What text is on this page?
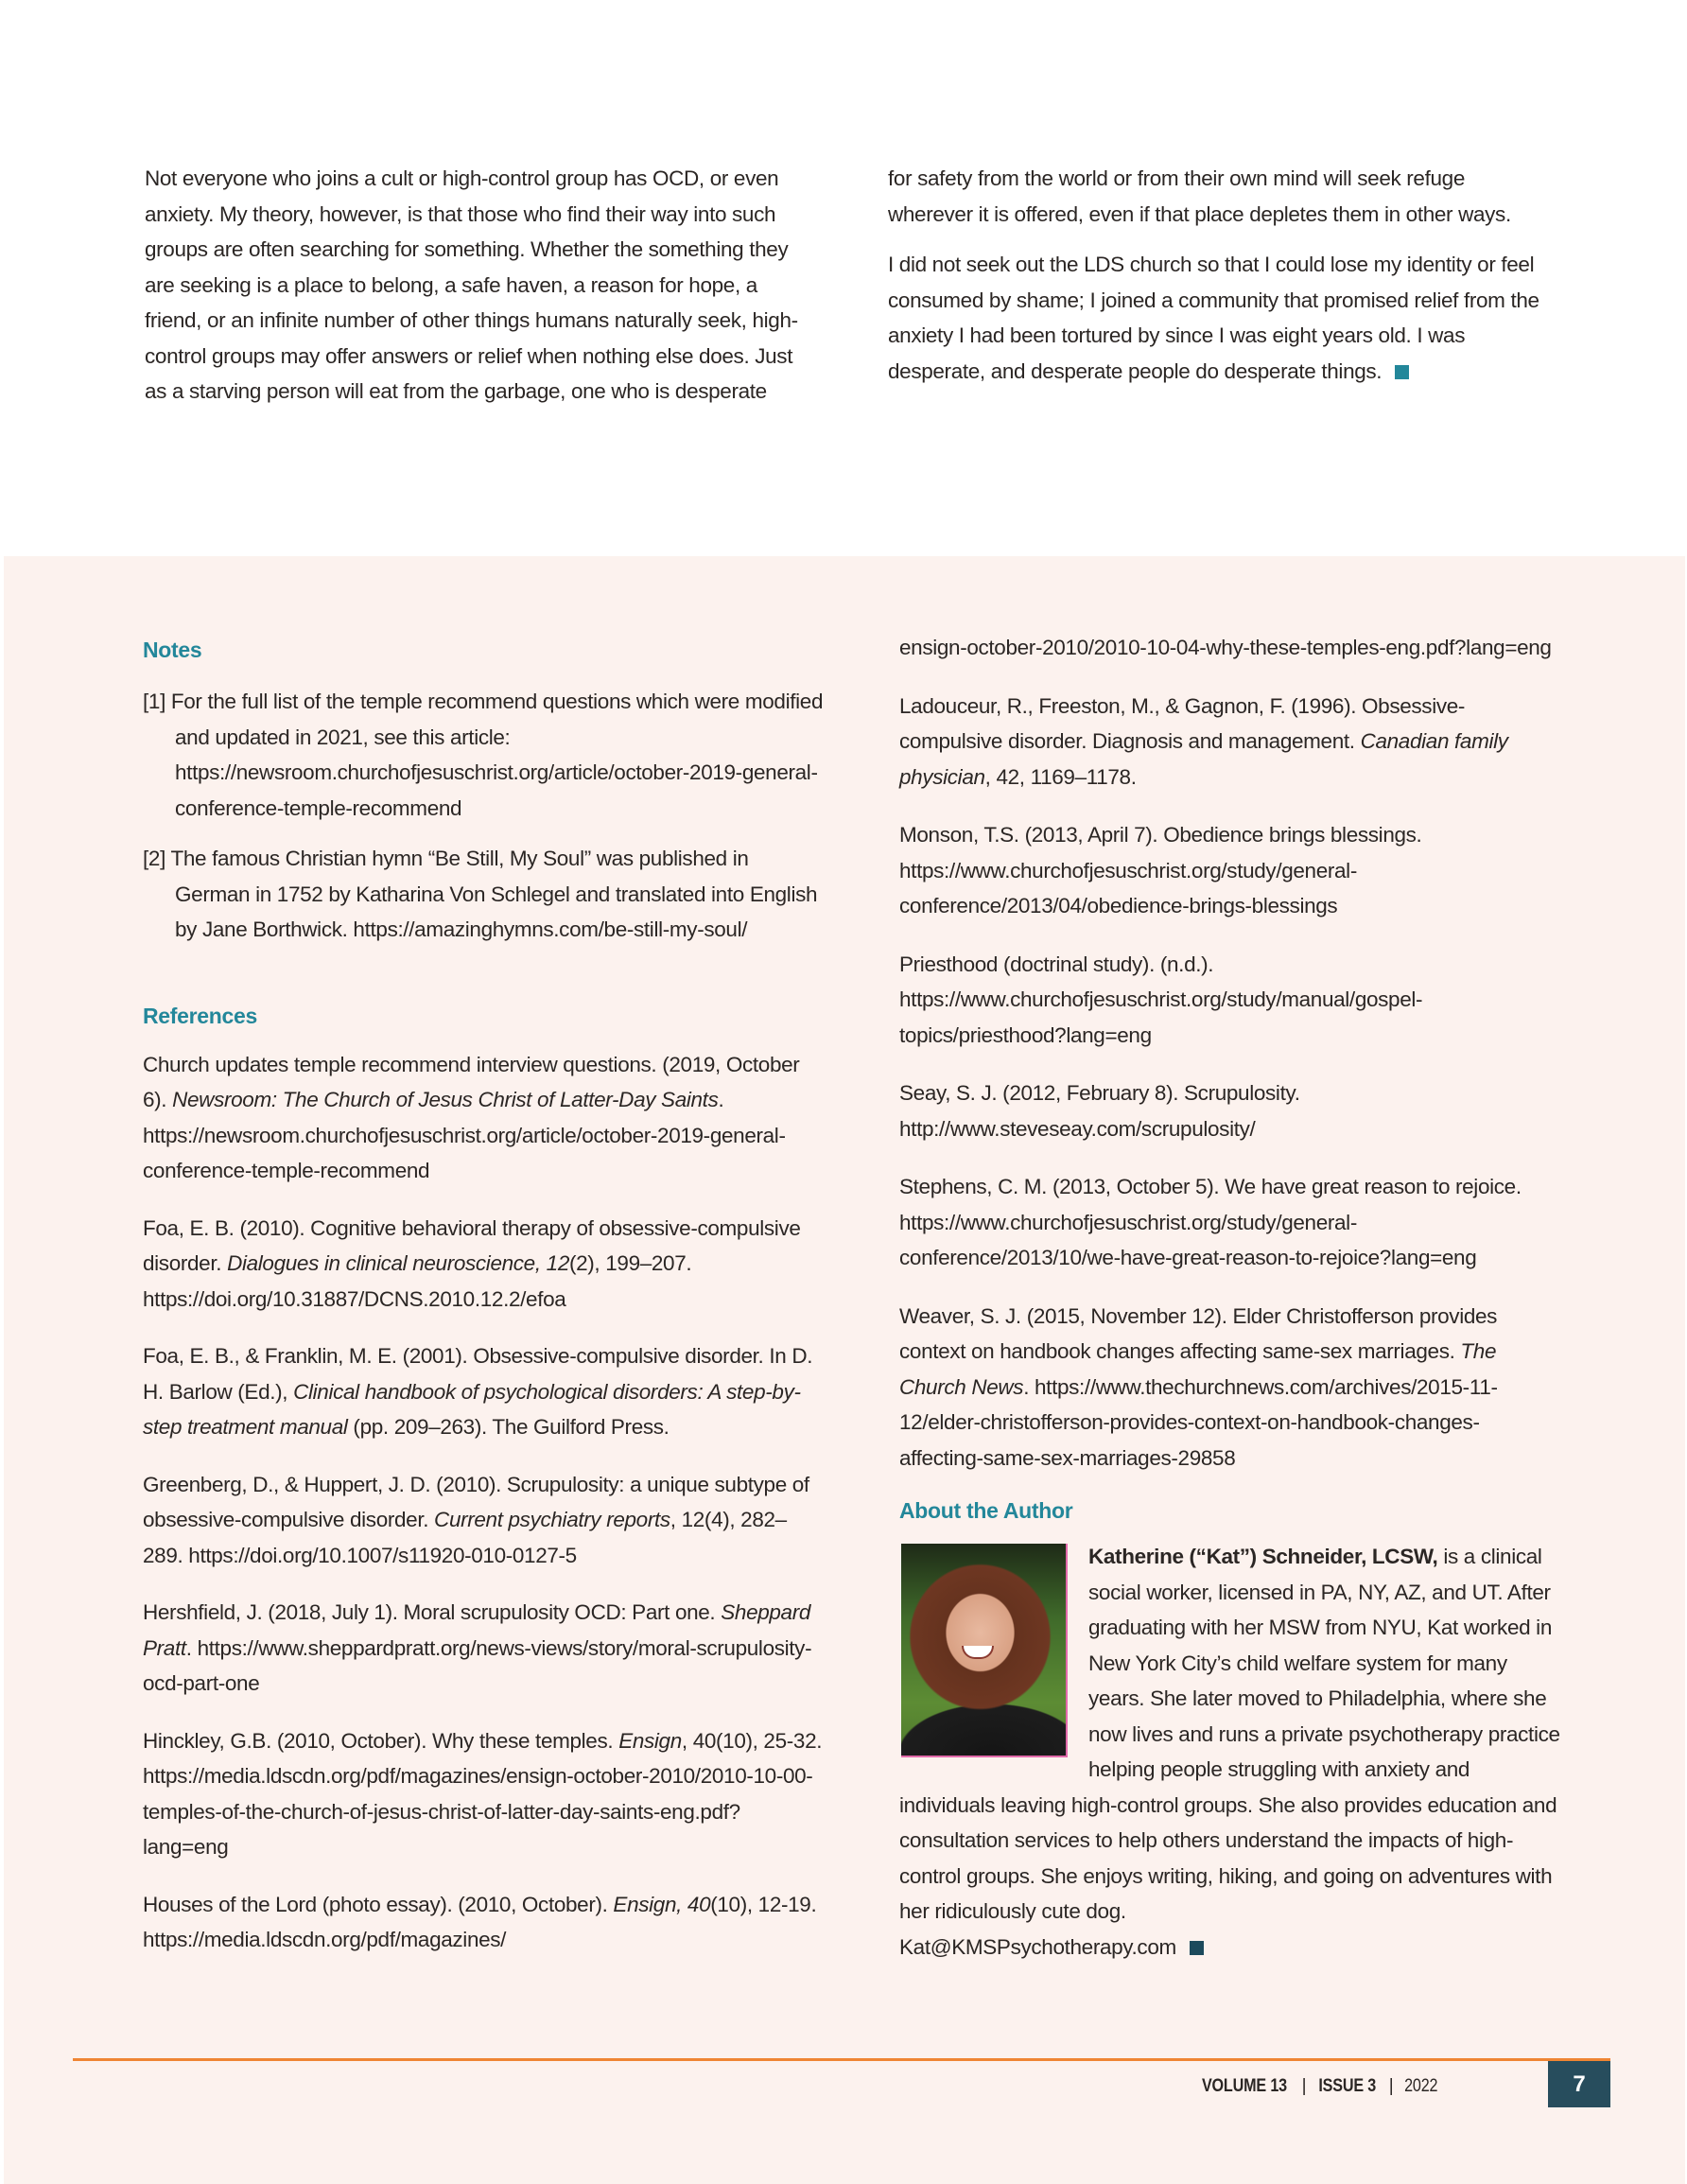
Not everyone who joins a cult or high-control group has OCD, or even anxiety. My theory, however, is that those who find their way into such groups are often searching for something. Whether the something they are seeking is a place to belong, a safe haven, a reason for hope, a friend, or an infinite number of other things humans naturally seek, high-control groups may offer answers or relief when nothing else does. Just as a starving person will eat from the garbage, one who is desperate

for safety from the world or from their own mind will seek refuge wherever it is offered, even if that place depletes them in other ways.

I did not seek out the LDS church so that I could lose my identity or feel consumed by shame; I joined a community that promised relief from the anxiety I had been tortured by since I was eight years old. I was desperate, and desperate people do desperate things.

Notes

[1] For the full list of the temple recommend questions which were modified and updated in 2021, see this article: https://newsroom.churchofjesuschrist.org/article/october-2019-general-conference-temple-recommend

[2] The famous Christian hymn “Be Still, My Soul” was published in German in 1752 by Katharina Von Schlegel and translated into English by Jane Borthwick. https://amazinghymns.com/be-still-my-soul/

References

Church updates temple recommend interview questions. (2019, October 6). Newsroom: The Church of Jesus Christ of Latter-Day Saints. https://newsroom.churchofjesuschrist.org/article/october-2019-general-conference-temple-recommend

Foa, E. B. (2010). Cognitive behavioral therapy of obsessive-compulsive disorder. Dialogues in clinical neuroscience, 12(2), 199–207. https://doi.org/10.31887/DCNS.2010.12.2/efoa

Foa, E. B., & Franklin, M. E. (2001). Obsessive-compulsive disorder. In D. H. Barlow (Ed.), Clinical handbook of psychological disorders: A step-by-step treatment manual (pp. 209–263). The Guilford Press.

Greenberg, D., & Huppert, J. D. (2010). Scrupulosity: a unique subtype of obsessive-compulsive disorder. Current psychiatry reports, 12(4), 282–289. https://doi.org/10.1007/s11920-010-0127-5

Hershfield, J. (2018, July 1). Moral scrupulosity OCD: Part one. Sheppard Pratt. https://www.sheppardpratt.org/news-views/story/moral-scrupulosity-ocd-part-one

Hinckley, G.B. (2010, October). Why these temples. Ensign, 40(10), 25-32. https://media.ldscdn.org/pdf/magazines/ensign-october-2010/2010-10-00-temples-of-the-church-of-jesus-christ-of-latter-day-saints-eng.pdf?lang=eng

Houses of the Lord (photo essay). (2010, October). Ensign, 40(10), 12-19. https://media.ldscdn.org/pdf/magazines/

ensign-october-2010/2010-10-04-why-these-temples-eng.pdf?lang=eng

Ladouceur, R., Freeston, M., & Gagnon, F. (1996). Obsessive-compulsive disorder. Diagnosis and management. Canadian family physician, 42, 1169–1178.

Monson, T.S. (2013, April 7). Obedience brings blessings. https://www.churchofjesuschrist.org/study/general-conference/2013/04/obedience-brings-blessings

Priesthood (doctrinal study). (n.d.). https://www.churchofjesuschrist.org/study/manual/gospel-topics/priesthood?lang=eng

Seay, S. J. (2012, February 8). Scrupulosity. http://www.steveseay.com/scrupulosity/

Stephens, C. M. (2013, October 5). We have great reason to rejoice. https://www.churchofjesuschrist.org/study/general-conference/2013/10/we-have-great-reason-to-rejoice?lang=eng

Weaver, S. J. (2015, November 12). Elder Christofferson provides context on handbook changes affecting same-sex marriages. The Church News. https://www.thechurchnews.com/archives/2015-11-12/elder-christofferson-provides-context-on-handbook-changes-affecting-same-sex-marriages-29858

About the Author

Katherine (“Kat”) Schneider, LCSW, is a clinical social worker, licensed in PA, NY, AZ, and UT. After graduating with her MSW from NYU, Kat worked in New York City’s child welfare system for many years. She later moved to Philadelphia, where she now lives and runs a private psychotherapy practice helping people struggling with anxiety and individuals leaving high-control groups. She also provides education and consultation services to help others understand the impacts of high-control groups. She enjoys writing, hiking, and going on adventures with her ridiculously cute dog.
Kat@KMSPsychotherapy.com

VOLUME 13 | ISSUE 3 | 2022	7
